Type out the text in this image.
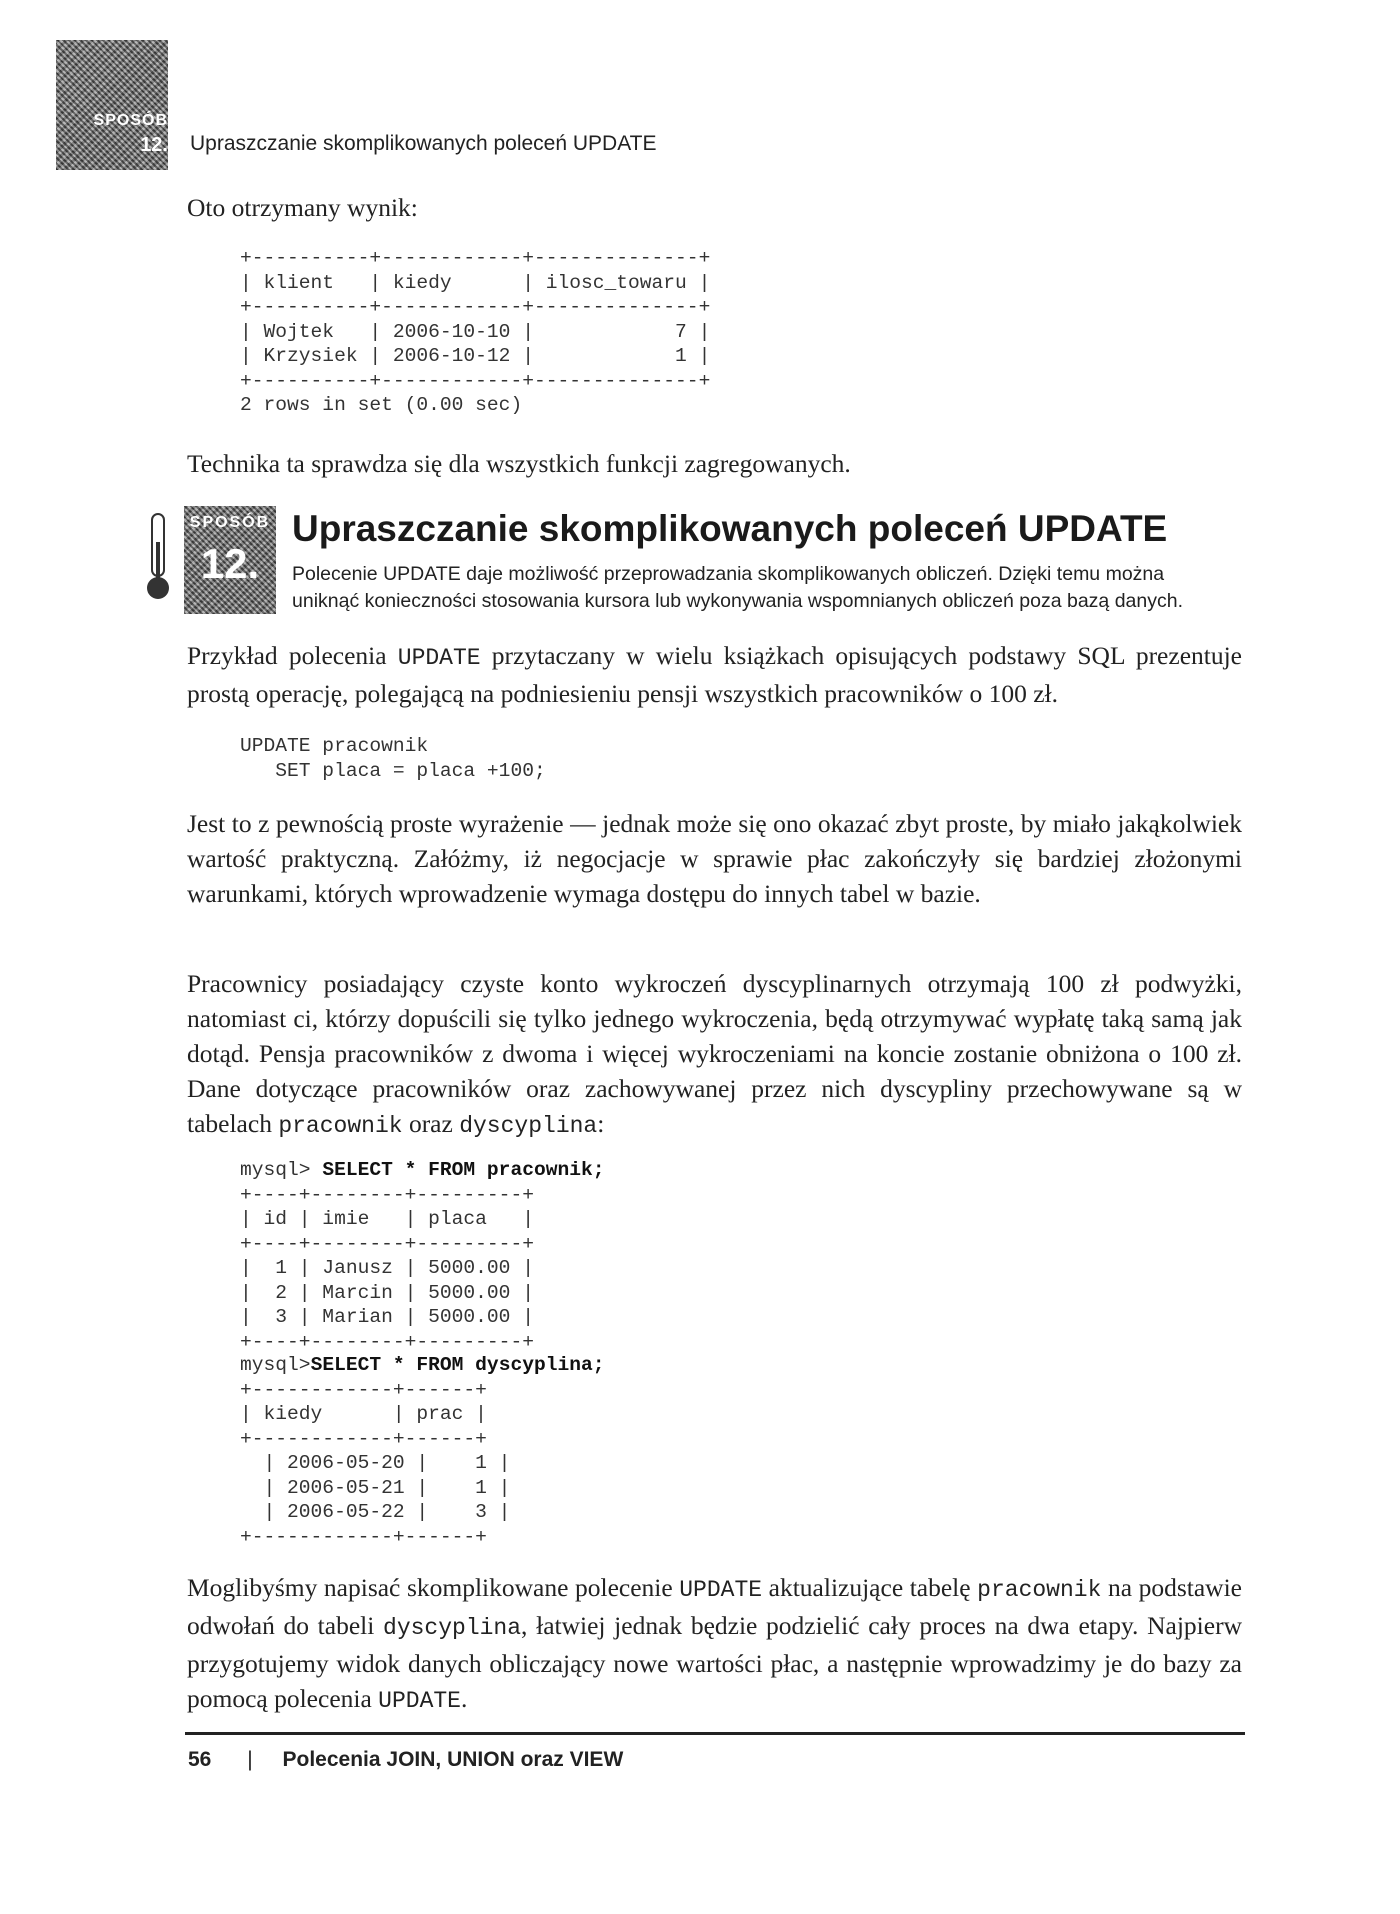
SPOSÓB
12. Upraszczanie skomplikowanych poleceń UPDATE
Oto otrzymany wynik:
+----------+------------+--------------+
| klient   | kiedy      | ilosc_towaru |
+----------+------------+--------------+
| Wojtek   | 2006-10-10 |            7 |
| Krzysiek | 2006-10-12 |            1 |
+----------+------------+--------------+
2 rows in set (0.00 sec)
Technika ta sprawdza się dla wszystkich funkcji zagregowanych.
SPOSÓB
12.
Upraszczanie skomplikowanych poleceń UPDATE
Polecenie UPDATE daje możliwość przeprowadzania skomplikowanych obliczeń. Dzięki temu można uniknąć konieczności stosowania kursora lub wykonywania wspomnianych obliczeń poza bazą danych.
Przykład polecenia UPDATE przytaczany w wielu książkach opisujących podstawy SQL prezentuje prostą operację, polegającą na podniesieniu pensji wszystkich pracowników o 100 zł.
UPDATE pracownik
SET placa = placa +100;
Jest to z pewnością proste wyrażenie — jednak może się ono okazać zbyt proste, by miało jakąkolwiek wartość praktyczną. Załóżmy, iż negocjacje w sprawie płac zakończyły się bardziej złożonymi warunkami, których wprowadzenie wymaga dostępu do innych tabel w bazie.
Pracownicy posiadający czyste konto wykroczeń dyscyplinarnych otrzymają 100 zł podwyżki, natomiast ci, którzy dopuścili się tylko jednego wykroczenia, będą otrzymywać wypłatę taką samą jak dotąd. Pensja pracowników z dwoma i więcej wykroczeniami na koncie zostanie obniżona o 100 zł. Dane dotyczące pracowników oraz zachowywanej przez nich dyscypliny przechowywane są w tabelach pracownik oraz dyscyplina:
mysql> SELECT * FROM pracownik;
+----+--------+---------+
| id | imie   | placa   |
+----+--------+---------+
|  1 | Janusz | 5000.00 |
|  2 | Marcin | 5000.00 |
|  3 | Marian | 5000.00 |
+----+--------+---------+
mysql>SELECT * FROM dyscyplina;
+------------+------+
| kiedy      | prac |
+------------+------+
| 2006-05-20 |    1 |
| 2006-05-21 |    1 |
| 2006-05-22 |    3 |
+------------+------+
Moglibyśmy napisać skomplikowane polecenie UPDATE aktualizujące tabelę pracownik na podstawie odwołań do tabeli dyscyplina, łatwiej jednak będzie podzielić cały proces na dwa etapy. Najpierw przygotujemy widok danych obliczający nowe wartości płac, a następnie wprowadzimy je do bazy za pomocą polecenia UPDATE.
56 | Polecenia JOIN, UNION oraz VIEW
